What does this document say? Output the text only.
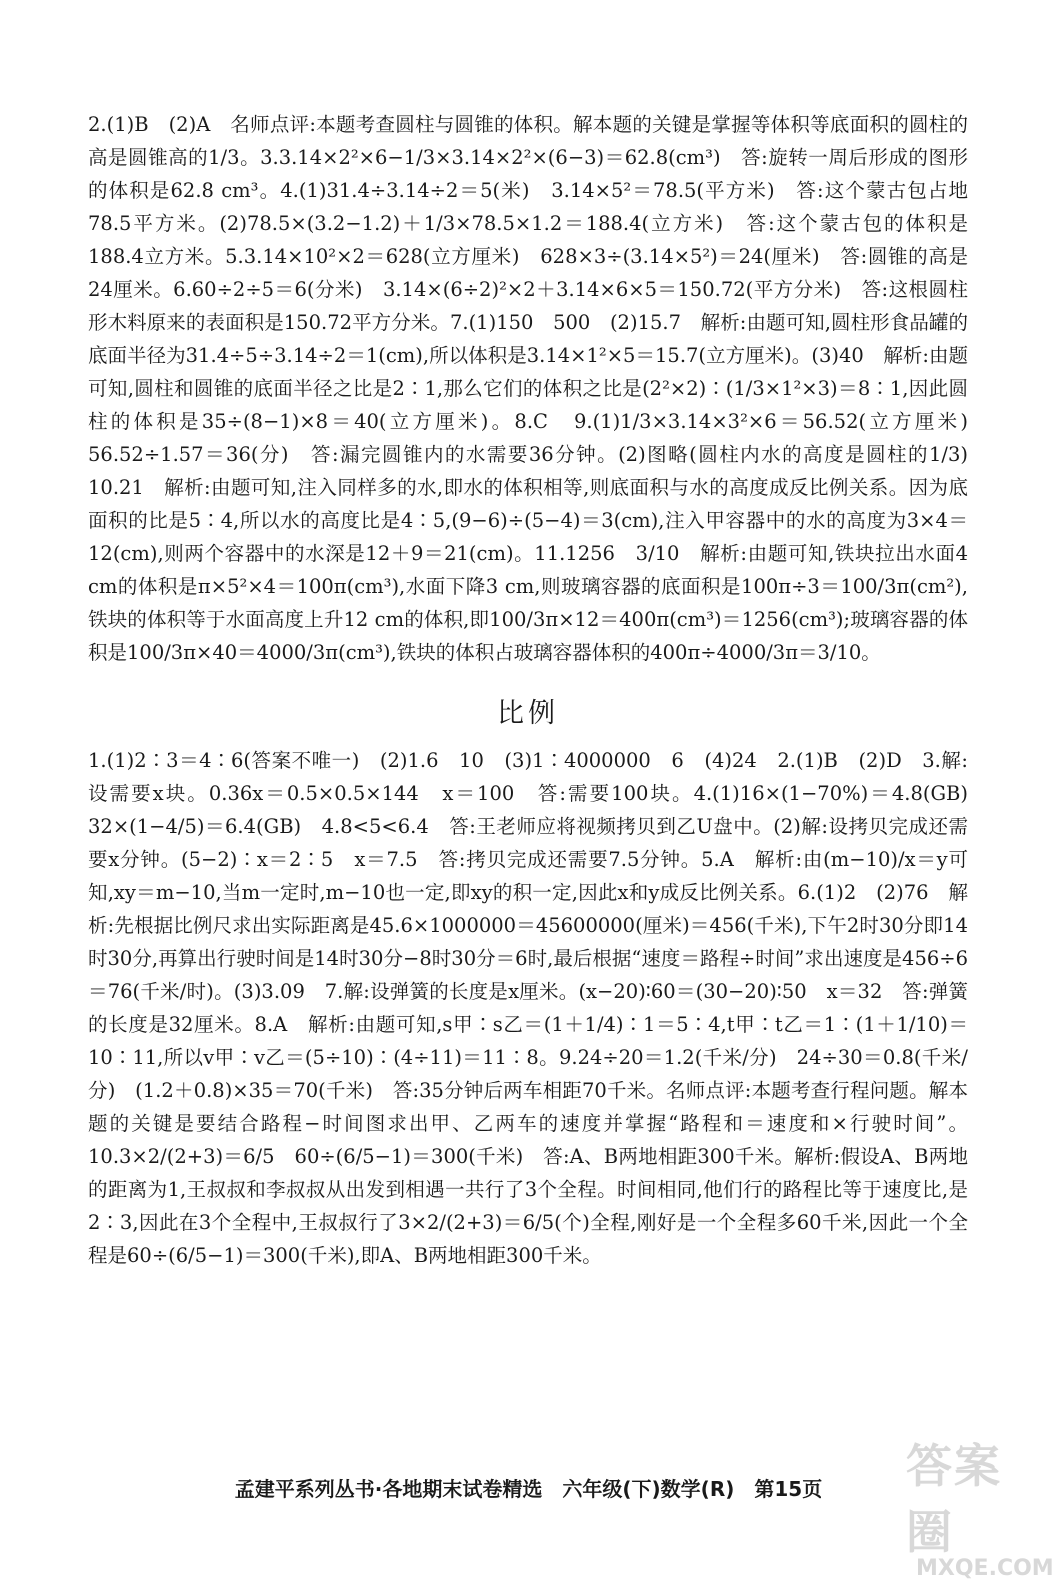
2.(1)B　(2)A　名师点评:本题考查圆柱与圆锥的体积。解本题的关键是掌握等体积等底面积的圆柱的高是圆锥高的1/3。3.3.14×2²×6−1/3×3.14×2²×(6−3)＝62.8(cm³)　答:旋转一周后形成的图形的体积是62.8 cm³。4.(1)31.4÷3.14÷2＝5(米)　3.14×5²＝78.5(平方米)　答:这个蒙古包占地78.5平方米。(2)78.5×(3.2−1.2)＋1/3×78.5×1.2＝188.4(立方米)　答:这个蒙古包的体积是188.4立方米。5.3.14×10²×2＝628(立方厘米)　628×3÷(3.14×5²)＝24(厘米)　答:圆锥的高是24厘米。6.60÷2÷5＝6(分米)　3.14×(6÷2)²×2＋3.14×6×5＝150.72(平方分米)　答:这根圆柱形木料原来的表面积是150.72平方分米。7.(1)150　500　(2)15.7　解析:由题可知,圆柱形食品罐的底面半径为31.4÷5÷3.14÷2＝1(cm),所以体积是3.14×1²×5＝15.7(立方厘米)。(3)40　解析:由题可知,圆柱和圆锥的底面半径之比是2∶1,那么它们的体积之比是(2²×2)∶(1/3×1²×3)＝8∶1,因此圆柱的体积是35÷(8−1)×8＝40(立方厘米)。8.C　9.(1)1/3×3.14×3²×6＝56.52(立方厘米)　56.52÷1.57＝36(分)　答:漏完圆锥内的水需要36分钟。(2)图略(圆柱内水的高度是圆柱的1/3)　10.21　解析:由题可知,注入同样多的水,即水的体积相等,则底面积与水的高度成反比例关系。因为底面积的比是5∶4,所以水的高度比是4∶5,(9−6)÷(5−4)＝3(cm),注入甲容器中的水的高度为3×4＝12(cm),则两个容器中的水深是12＋9＝21(cm)。11.1256　3/10　解析:由题可知,铁块拉出水面4 cm的体积是π×5²×4＝100π(cm³),水面下降3 cm,则玻璃容器的底面积是100π÷3＝100/3π(cm²),铁块的体积等于水面高度上升12 cm的体积,即100/3π×12＝400π(cm³)＝1256(cm³);玻璃容器的体积是100/3π×40＝4000/3π(cm³),铁块的体积占玻璃容器体积的400π÷4000/3π＝3/10。

比例

1.(1)2∶3＝4∶6(答案不唯一)　(2)1.6　10　(3)1∶4000000　6　(4)24　2.(1)B　(2)D　3.解:设需要x块。0.36x＝0.5×0.5×144　x＝100　答:需要100块。4.(1)16×(1−70%)＝4.8(GB)　32×(1−4/5)＝6.4(GB)　4.8<5<6.4　答:王老师应将视频拷贝到乙U盘中。(2)解:设拷贝完成还需要x分钟。(5−2)∶x＝2∶5　x＝7.5　答:拷贝完成还需要7.5分钟。5.A　解析:由(m−10)/x＝y可知,xy＝m−10,当m一定时,m−10也一定,即xy的积一定,因此x和y成反比例关系。6.(1)2　(2)76　解析:先根据比例尺求出实际距离是45.6×1000000＝45600000(厘米)＝456(千米),下午2时30分即14时30分,再算出行驶时间是14时30分−8时30分＝6时,最后根据“速度＝路程÷时间”求出速度是456÷6＝76(千米/时)。(3)3.09　7.解:设弹簧的长度是x厘米。(x−20)∶60＝(30−20)∶50　x＝32　答:弹簧的长度是32厘米。8.A　解析:由题可知,s甲∶s乙＝(1＋1/4)∶1＝5∶4,t甲∶t乙＝1∶(1＋1/10)＝10∶11,所以v甲∶v乙＝(5÷10)∶(4÷11)＝11∶8。9.24÷20＝1.2(千米/分)　24÷30＝0.8(千米/分)　(1.2＋0.8)×35＝70(千米)　答:35分钟后两车相距70千米。名师点评:本题考查行程问题。解本题的关键是要结合路程−时间图求出甲、乙两车的速度并掌握“路程和＝速度和×行驶时间”。10.3×2/(2+3)＝6/5　60÷(6/5−1)＝300(千米)　答:A、B两地相距300千米。解析:假设A、B两地的距离为1,王叔叔和李叔叔从出发到相遇一共行了3个全程。时间相同,他们行的路程比等于速度比,是2∶3,因此在3个全程中,王叔叔行了3×2/(2+3)＝6/5(个)全程,刚好是一个全程多60千米,因此一个全程是60÷(6/5−1)＝300(千米),即A、B两地相距300千米。

孟建平系列丛书·各地期末试卷精选　六年级(下)数学(R)　第15页	答案圈
MXQE.COM
